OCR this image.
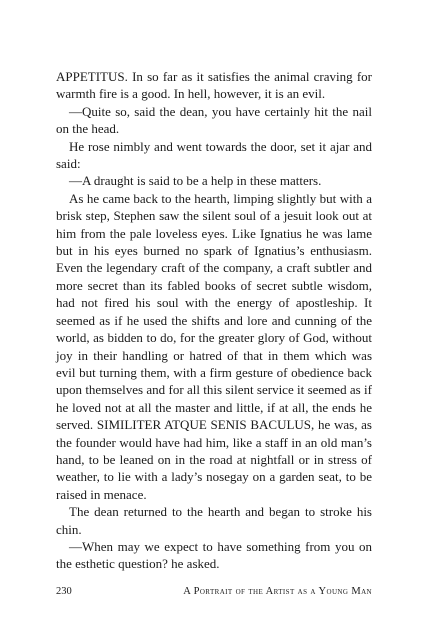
APPETITUS. In so far as it satisfies the animal craving for warmth fire is a good. In hell, however, it is an evil.

—Quite so, said the dean, you have certainly hit the nail on the head.

He rose nimbly and went towards the door, set it ajar and said:

—A draught is said to be a help in these matters.

As he came back to the hearth, limping slightly but with a brisk step, Stephen saw the silent soul of a jesuit look out at him from the pale loveless eyes. Like Ignatius he was lame but in his eyes burned no spark of Ignatius’s enthusiasm. Even the legendary craft of the company, a craft subtler and more secret than its fabled books of secret subtle wisdom, had not fired his soul with the energy of apostleship. It seemed as if he used the shifts and lore and cunning of the world, as bidden to do, for the greater glory of God, without joy in their handling or hatred of that in them which was evil but turning them, with a firm gesture of obedience back upon themselves and for all this silent service it seemed as if he loved not at all the master and little, if at all, the ends he served. SIMILITER ATQUE SENIS BACULUS, he was, as the founder would have had him, like a staff in an old man’s hand, to be leaned on in the road at nightfall or in stress of weather, to lie with a lady’s nosegay on a garden seat, to be raised in menace.

The dean returned to the hearth and began to stroke his chin.

—When may we expect to have something from you on the esthetic question? he asked.

230	A Portrait of the Artist as a Young Man
